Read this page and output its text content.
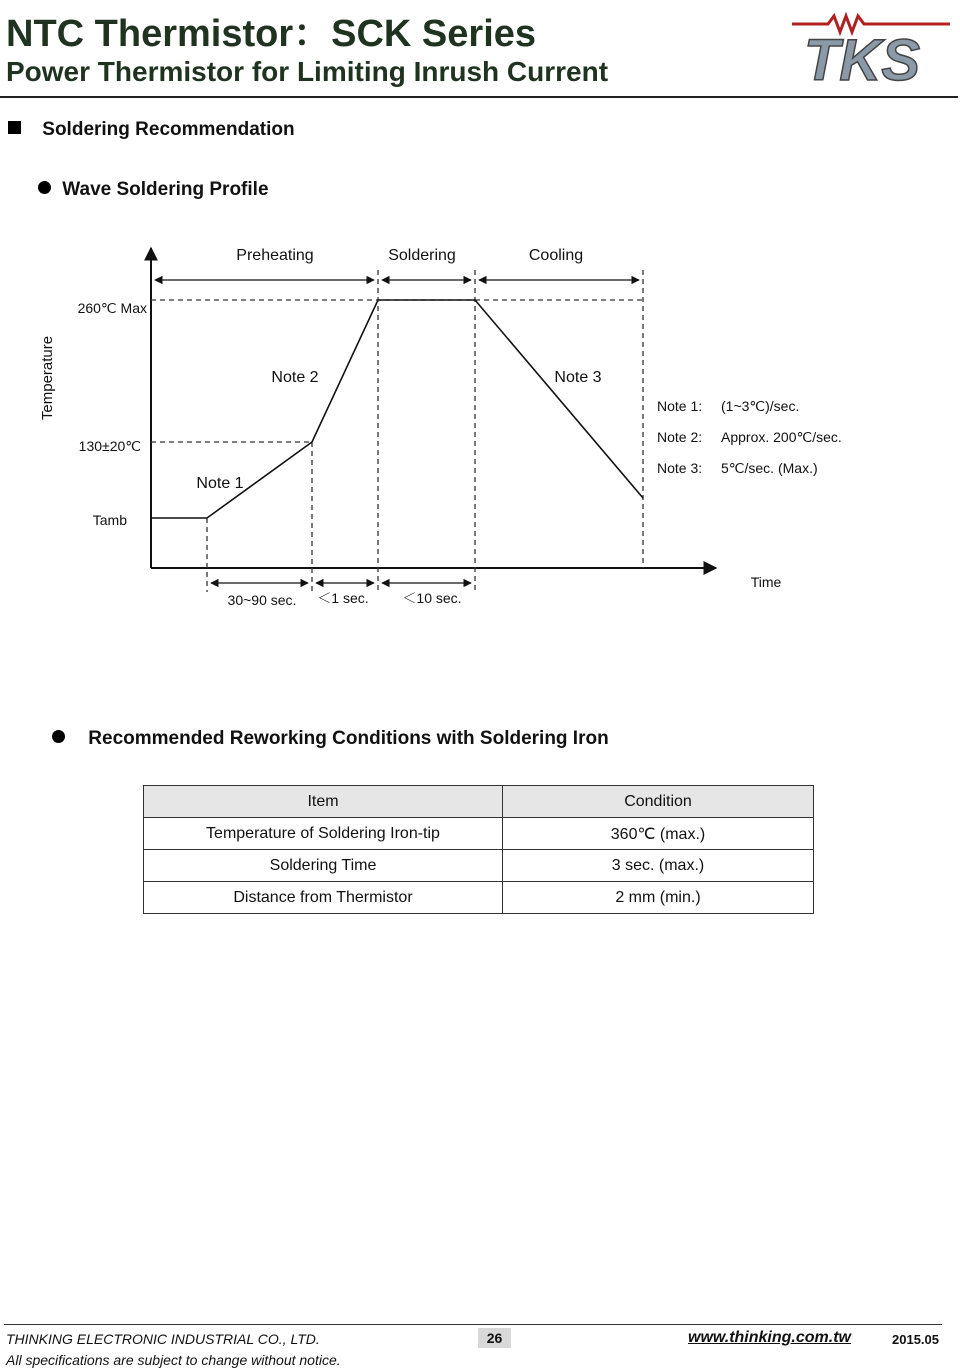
NTC Thermistor：SCK Series
Power Thermistor for Limiting Inrush Current	TKS
Soldering Recommendation
Wave Soldering Profile
Preheating	Soldering	Cooling
260℃ Max
130±20℃
Tamb
Temperature
Time
Note 1
Note 2	Note 3
30~90 sec. ＜1 sec. ＜10 sec.
Note 1: (1~3℃)/sec.
Note 2: Approx. 200℃/sec.
Note 3: 5℃/sec. (Max.)
Recommended Reworking Conditions with Soldering Iron
Item	Condition
Temperature of Soldering Iron-tip	360℃ (max.)
Soldering Time	3 sec. (max.)
Distance from Thermistor	2 mm (min.)
THINKING ELECTRONIC INDUSTRIAL CO., LTD.	26	www.thinking.com.tw	2015.05
All specifications are subject to change without notice.
